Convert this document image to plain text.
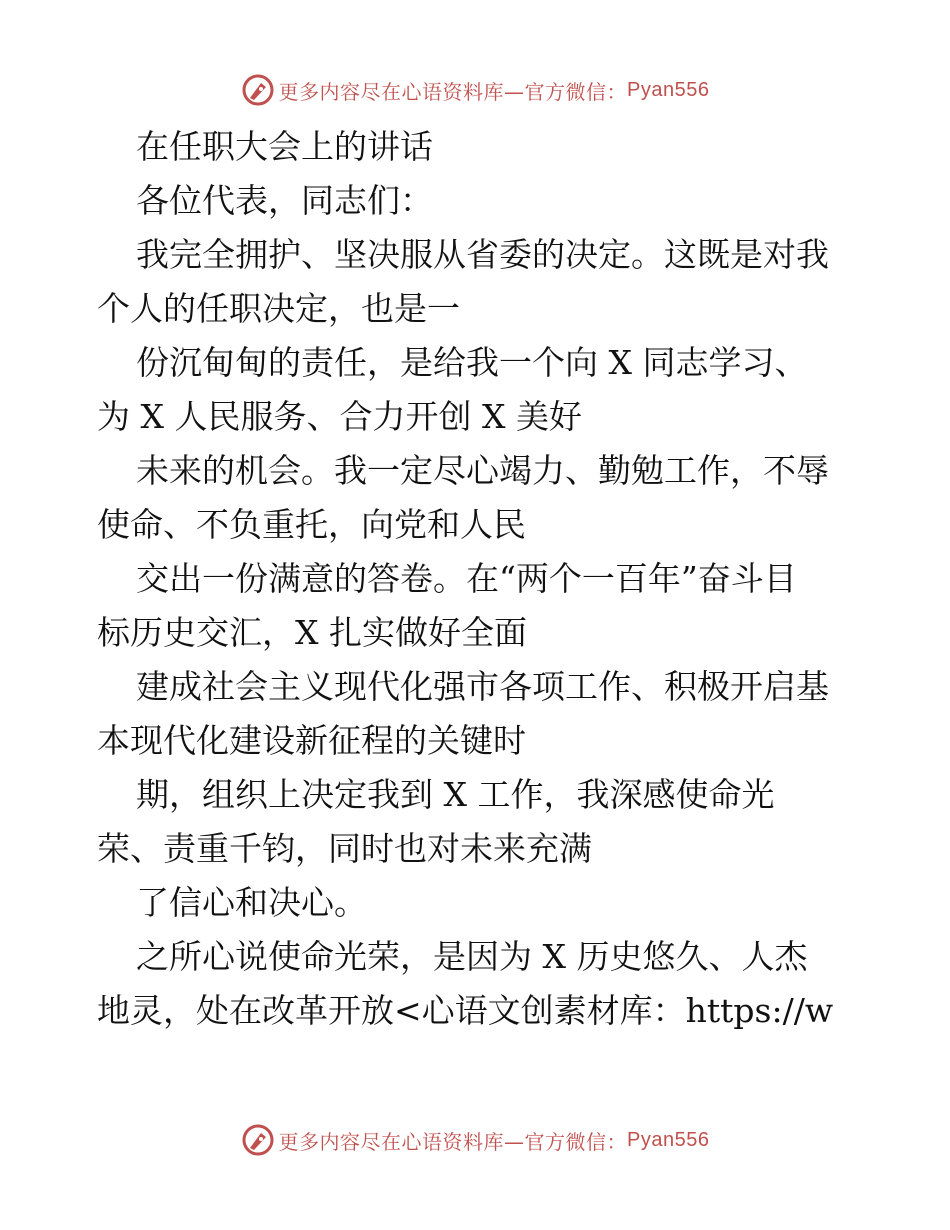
更多内容尽在心语资料库—官方微信： Pyan556
在任职大会上的讲话
各位代表，同志们：
我完全拥护、坚决服从省委的决定。这既是对我
个人的任职决定，也是一
份沉甸甸的责任，是给我一个向 X 同志学习、
为 X 人民服务、合力开创 X 美好
未来的机会。我一定尽心竭力、勤勉工作，不辱
使命、不负重托，向党和人民
交出一份满意的答卷。在“两个一百年”奋斗目
标历史交汇，X 扎实做好全面
建成社会主义现代化强市各项工作、积极开启基
本现代化建设新征程的关键时
期，组织上决定我到 X 工作，我深感使命光
荣、责重千钧，同时也对未来充满
了信心和决心。
之所心说使命光荣，是因为 X 历史悠久、人杰
地灵，处在改革开放<心语文创素材库：https://w
更多内容尽在心语资料库—官方微信： Pyan556
